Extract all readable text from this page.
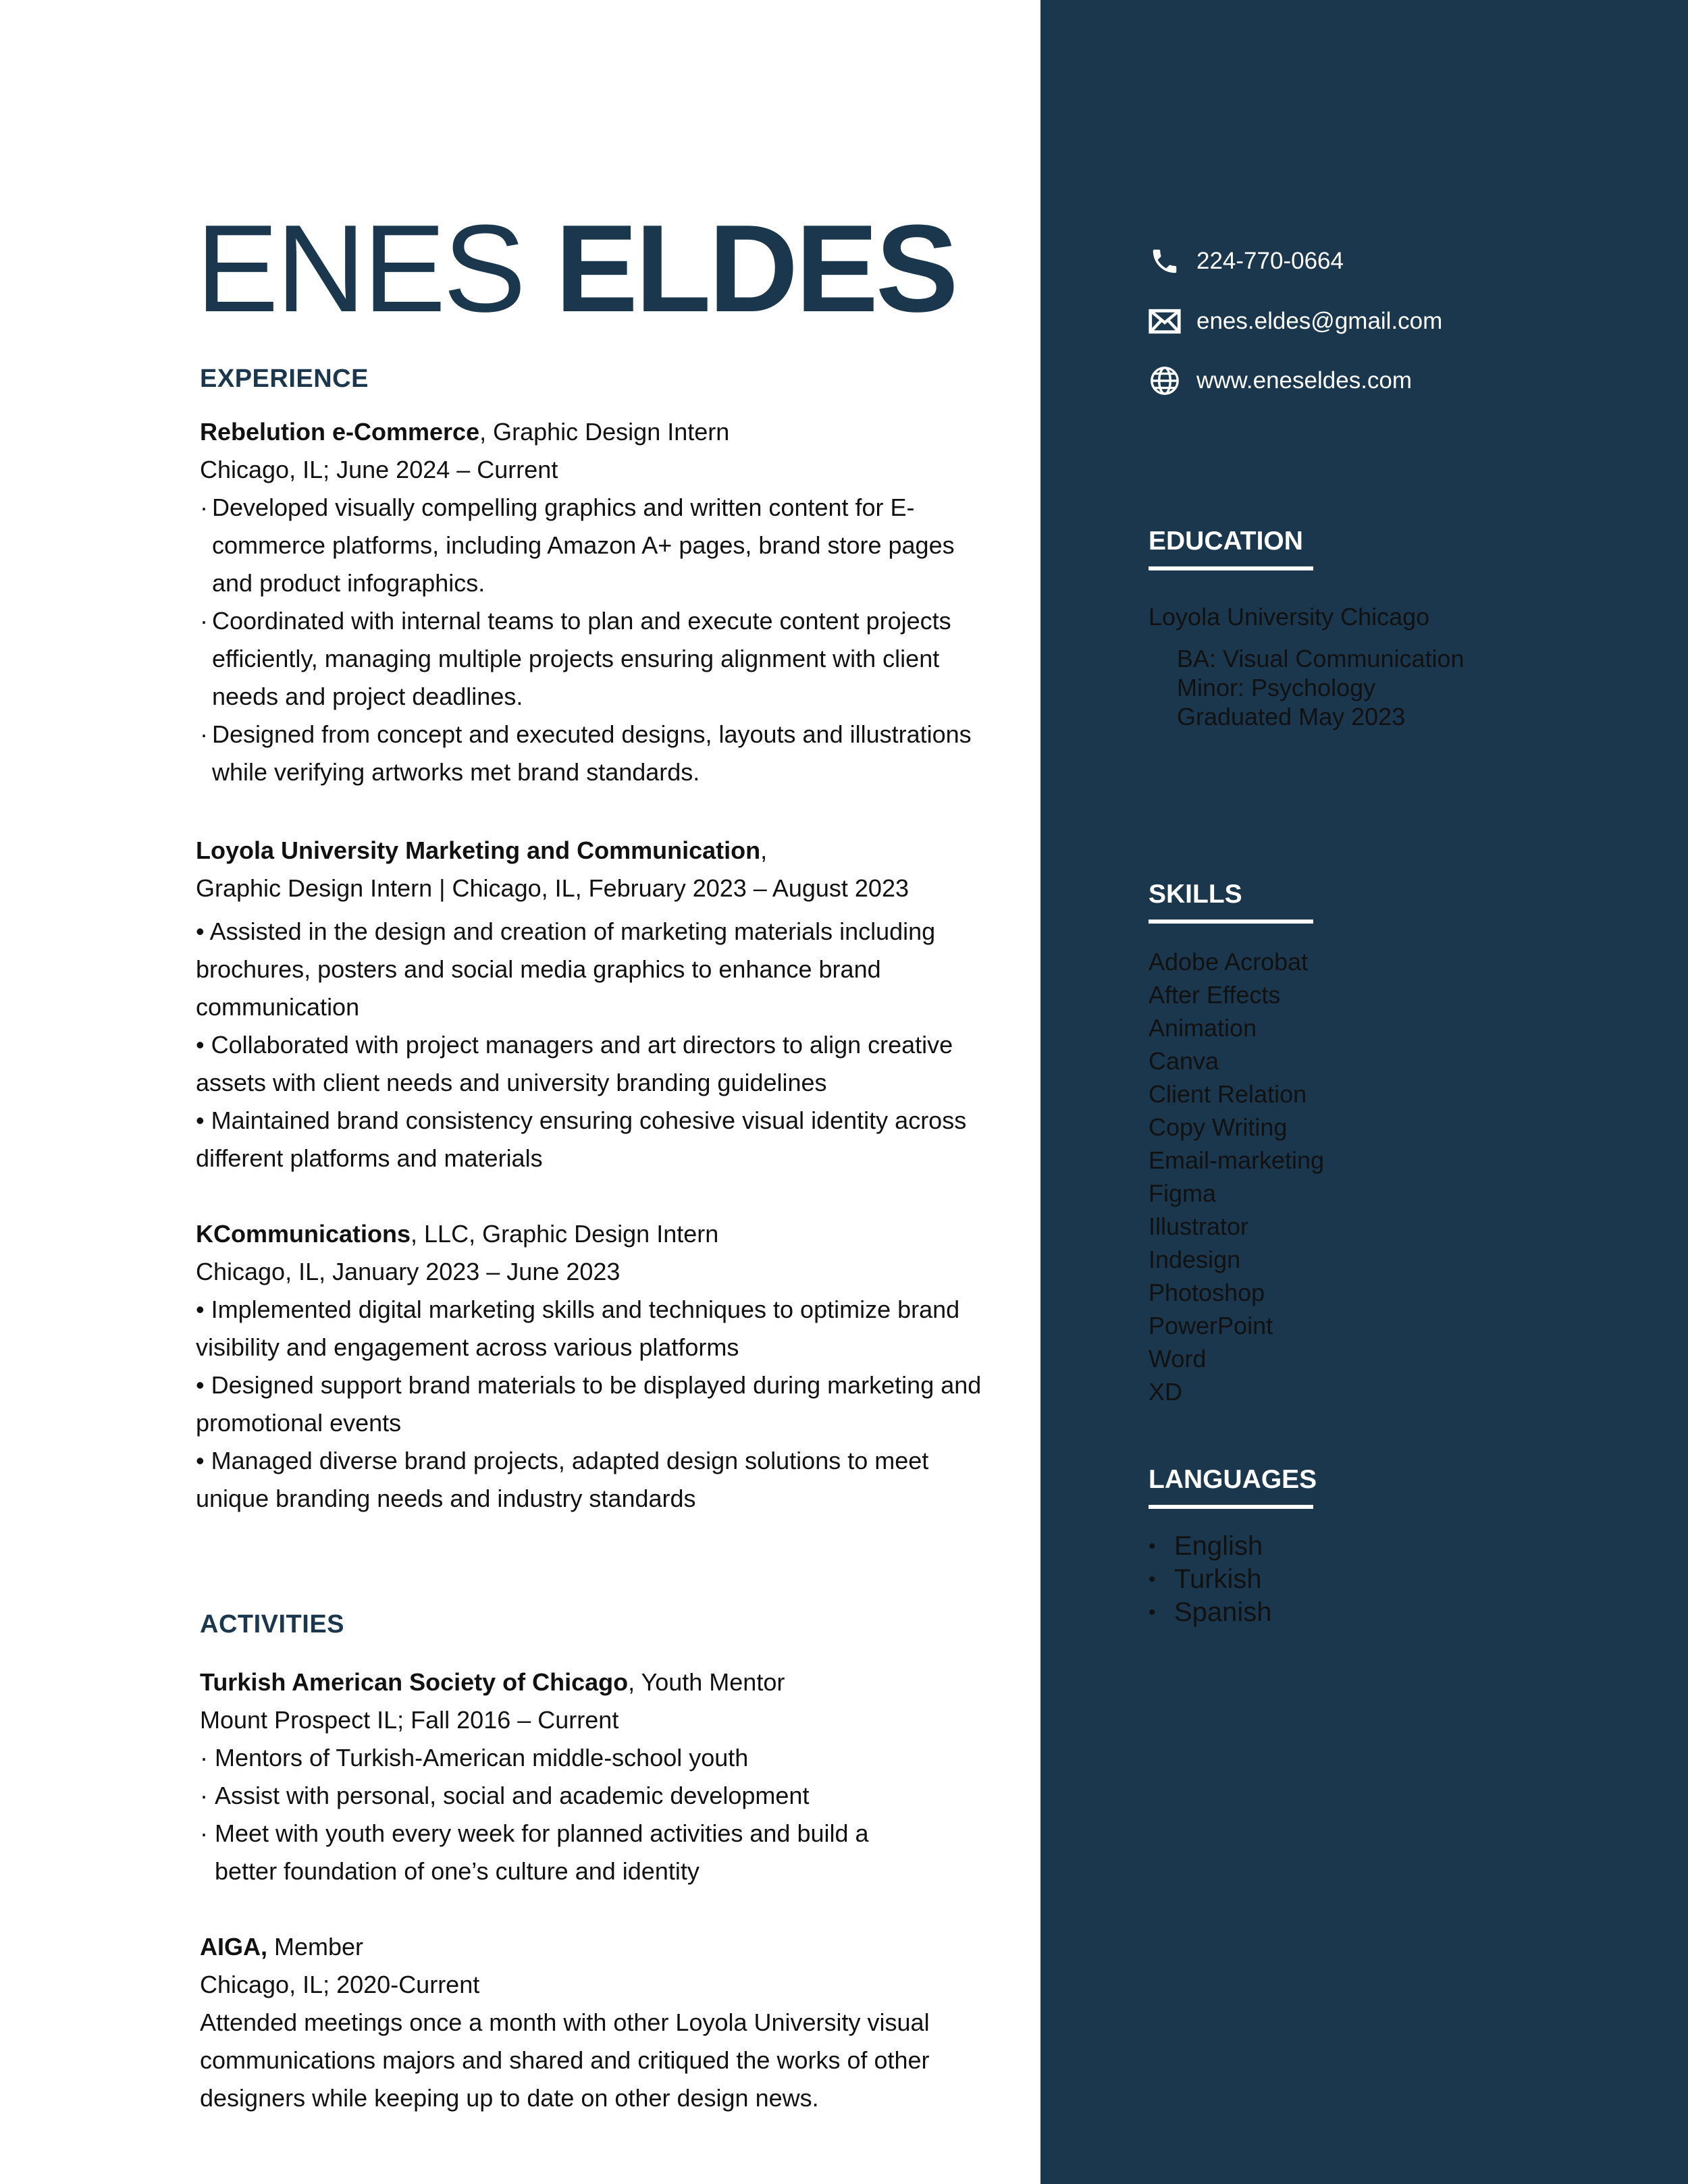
ENES ELDES
EXPERIENCE

Rebelution e-Commerce, Graphic Design Intern

Chicago, IL; June 2024 – Current

· Developed visually compelling graphics and written content for E-commerce platforms, including Amazon A+ pages, brand store pages and product infographics.
· Coordinated with internal teams to plan and execute content projects efficiently, managing multiple projects ensuring alignment with client needs and project deadlines.
· Designed from concept and executed designs, layouts and illustrations while verifying artworks met brand standards.

Loyola University Marketing and Communication,

Graphic Design Intern | Chicago, IL, February 2023 – August 2023

• Assisted in the design and creation of marketing materials including brochures, posters and social media graphics to enhance brand communication

• Collaborated with project managers and art directors to align creative assets with client needs and university branding guidelines

• Maintained brand consistency ensuring cohesive visual identity across different platforms and materials

KCommunications, LLC, Graphic Design Intern

Chicago, IL, January 2023 – June 2023

• Implemented digital marketing skills and techniques to optimize brand visibility and engagement across various platforms

• Designed support brand materials to be displayed during marketing and promotional events

• Managed diverse brand projects, adapted design solutions to meet unique branding needs and industry standards

ACTIVITIES

Turkish American Society of Chicago, Youth Mentor

Mount Prospect IL; Fall 2016 – Current

· Mentors of Turkish-American middle-school youth
· Assist with personal, social and academic development
· Meet with youth every week for planned activities and build a better foundation of one’s culture and identity

AIGA, Member

Chicago, IL; 2020-Current

Attended meetings once a month with other Loyola University visual communications majors and shared and critiqued the works of other designers while keeping up to date on other design news.

224-770-0664
enes.eldes@gmail.com
www.eneseldes.com
EDUCATION
Loyola University Chicago
BA: Visual Communication
Minor: Psychology
Graduated May 2023
SKILLS
Adobe Acrobat
After Effects
Animation
Canva
Client Relation
Copy Writing
Email-marketing
Figma
Illustrator
Indesign
Photoshop
PowerPoint
Word
XD
LANGUAGES
• English
• Turkish
• Spanish
